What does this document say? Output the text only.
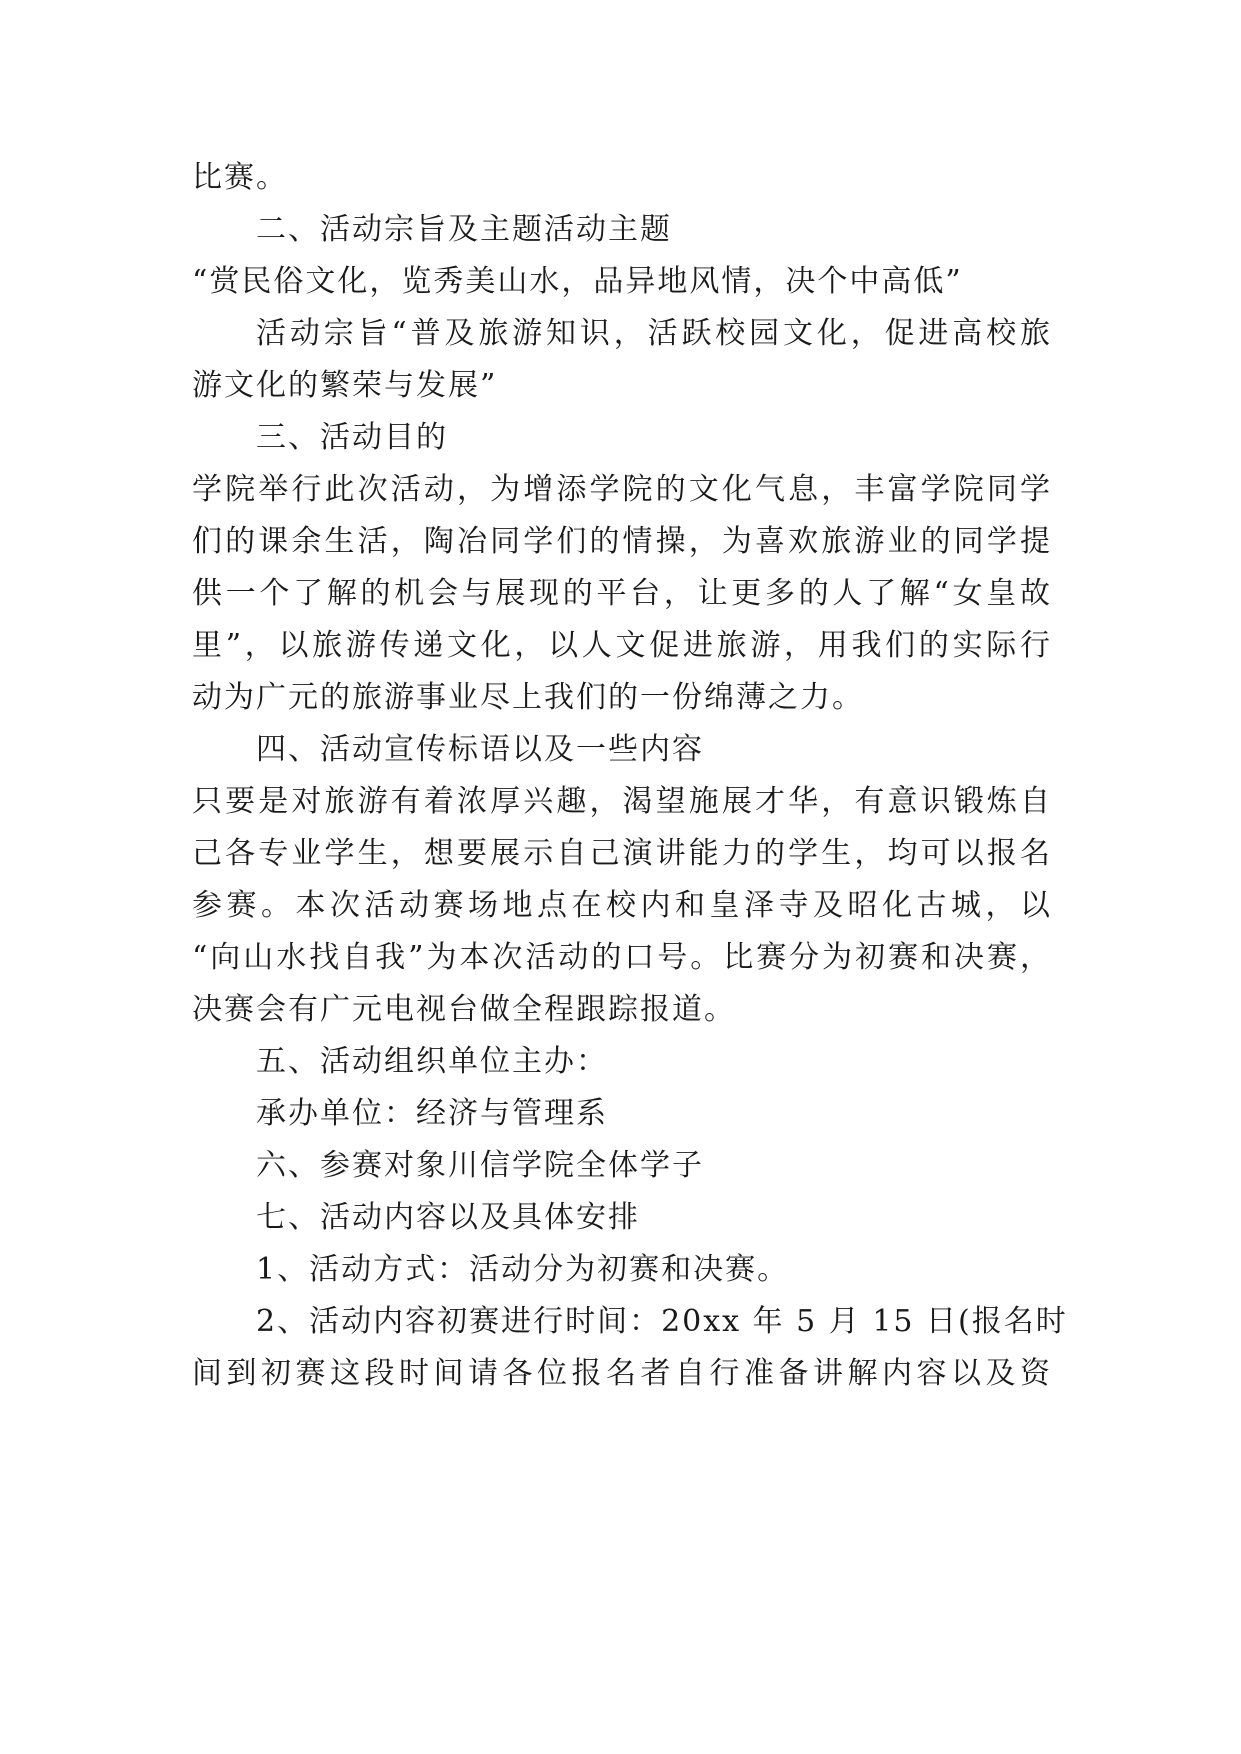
比赛。
二、活动宗旨及主题活动主题
“赏民俗文化，览秀美山水，品异地风情，决个中高低”
活动宗旨“普及旅游知识，活跃校园文化，促进高校旅
游文化的繁荣与发展”
三、活动目的
学院举行此次活动，为增添学院的文化气息，丰富学院同学
们的课余生活，陶冶同学们的情操，为喜欢旅游业的同学提
供一个了解的机会与展现的平台，让更多的人了解“女皇故
里”，以旅游传递文化，以人文促进旅游，用我们的实际行
动为广元的旅游事业尽上我们的一份绵薄之力。
四、活动宣传标语以及一些内容
只要是对旅游有着浓厚兴趣，渴望施展才华，有意识锻炼自
己各专业学生，想要展示自己演讲能力的学生，均可以报名
参赛。本次活动赛场地点在校内和皇泽寺及昭化古城，以
“向山水找自我”为本次活动的口号。比赛分为初赛和决赛，
决赛会有广元电视台做全程跟踪报道。
五、活动组织单位主办：
承办单位：经济与管理系
六、参赛对象川信学院全体学子
七、活动内容以及具体安排
1、活动方式：活动分为初赛和决赛。
2、活动内容初赛进行时间：20xx 年 5 月 15 日(报名时
间到初赛这段时间请各位报名者自行准备讲解内容以及资
